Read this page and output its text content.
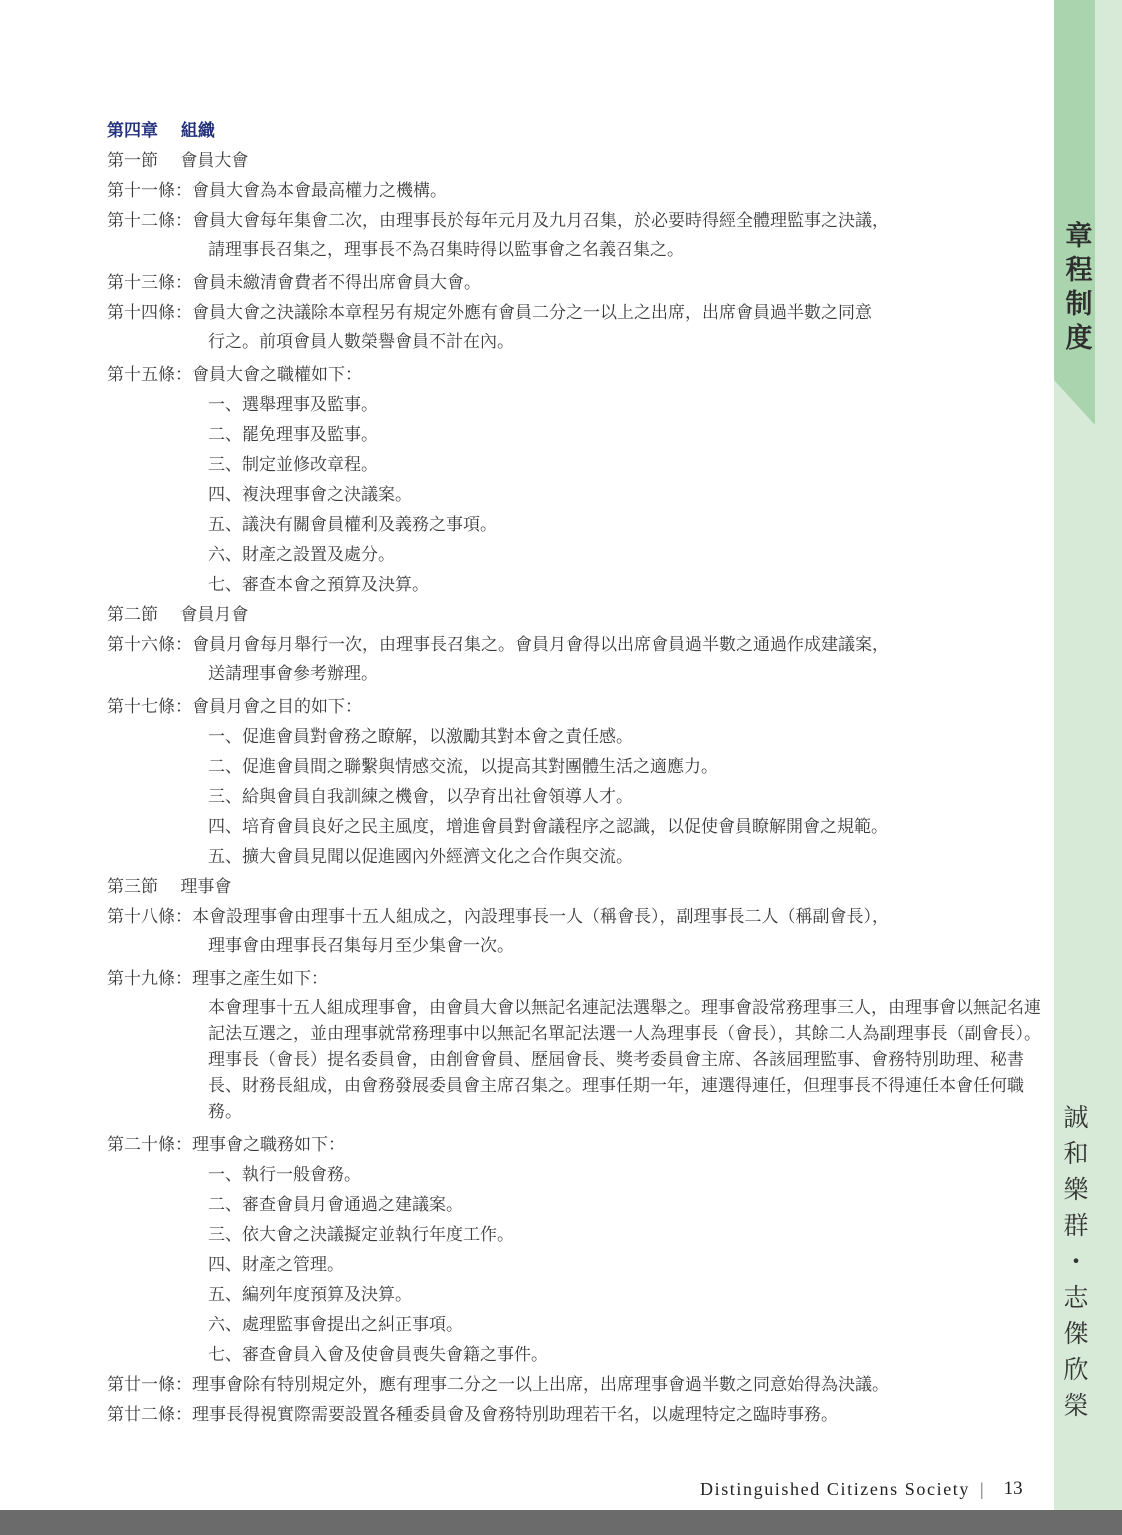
章
程
制
度
誠
和
樂
群
・
志
傑
欣
榮
第四章　 組織
第一節　 會員大會
第十一條： 會員大會為本會最高權力之機構。
第十二條： 會員大會每年集會二次，由理事長於每年元月及九月召集，於必要時得經全體理監事之決議，
請理事長召集之，理事長不為召集時得以監事會之名義召集之。
第十三條： 會員未繳清會費者不得出席會員大會。
第十四條： 會員大會之決議除本章程另有規定外應有會員二分之一以上之出席，出席會員過半數之同意
行之。前項會員人數榮譽會員不計在內。
第十五條： 會員大會之職權如下：
一、選舉理事及監事。
二、罷免理事及監事。
三、制定並修改章程。
四、複決理事會之決議案。
五、議決有關會員權利及義務之事項。
六、財產之設置及處分。
七、審查本會之預算及決算。
第二節　 會員月會
第十六條： 會員月會每月舉行一次，由理事長召集之。會員月會得以出席會員過半數之通過作成建議案，
送請理事會參考辦理。
第十七條： 會員月會之目的如下：
一、促進會員對會務之瞭解，以激勵其對本會之責任感。
二、促進會員間之聯繫與情感交流，以提高其對團體生活之適應力。
三、給與會員自我訓練之機會，以孕育出社會領導人才。
四、培育會員良好之民主風度，增進會員對會議程序之認識，以促使會員瞭解開會之規範。
五、擴大會員見聞以促進國內外經濟文化之合作與交流。
第三節　 理事會
第十八條： 本會設理事會由理事十五人組成之，內設理事長一人（稱會長），副理事長二人（稱副會長），
理事會由理事長召集每月至少集會一次。
第十九條： 理事之產生如下：
本會理事十五人組成理事會，由會員大會以無記名連記法選舉之。理事會設常務理事三人，由理事會以無記名連記法互選之，並由理事就常務理事中以無記名單記法選一人為理事長（會長），其餘二人為副理事長（副會長）。理事長（會長）提名委員會，由創會會員、歷屆會長、獎考委員會主席、各該屆理監事、會務特別助理、秘書長、財務長組成，由會務發展委員會主席召集之。理事任期一年，連選得連任，但理事長不得連任本會任何職務。
第二十條： 理事會之職務如下：
一、執行一般會務。
二、審查會員月會通過之建議案。
三、依大會之決議擬定並執行年度工作。
四、財產之管理。
五、編列年度預算及決算。
六、處理監事會提出之糾正事項。
七、審查會員入會及使會員喪失會籍之事件。
第廿一條： 理事會除有特別規定外，應有理事二分之一以上出席，出席理事會過半數之同意始得為決議。
第廿二條： 理事長得視實際需要設置各種委員會及會務特別助理若干名，以處理特定之臨時事務。
Distinguished Citizens Society | 13
